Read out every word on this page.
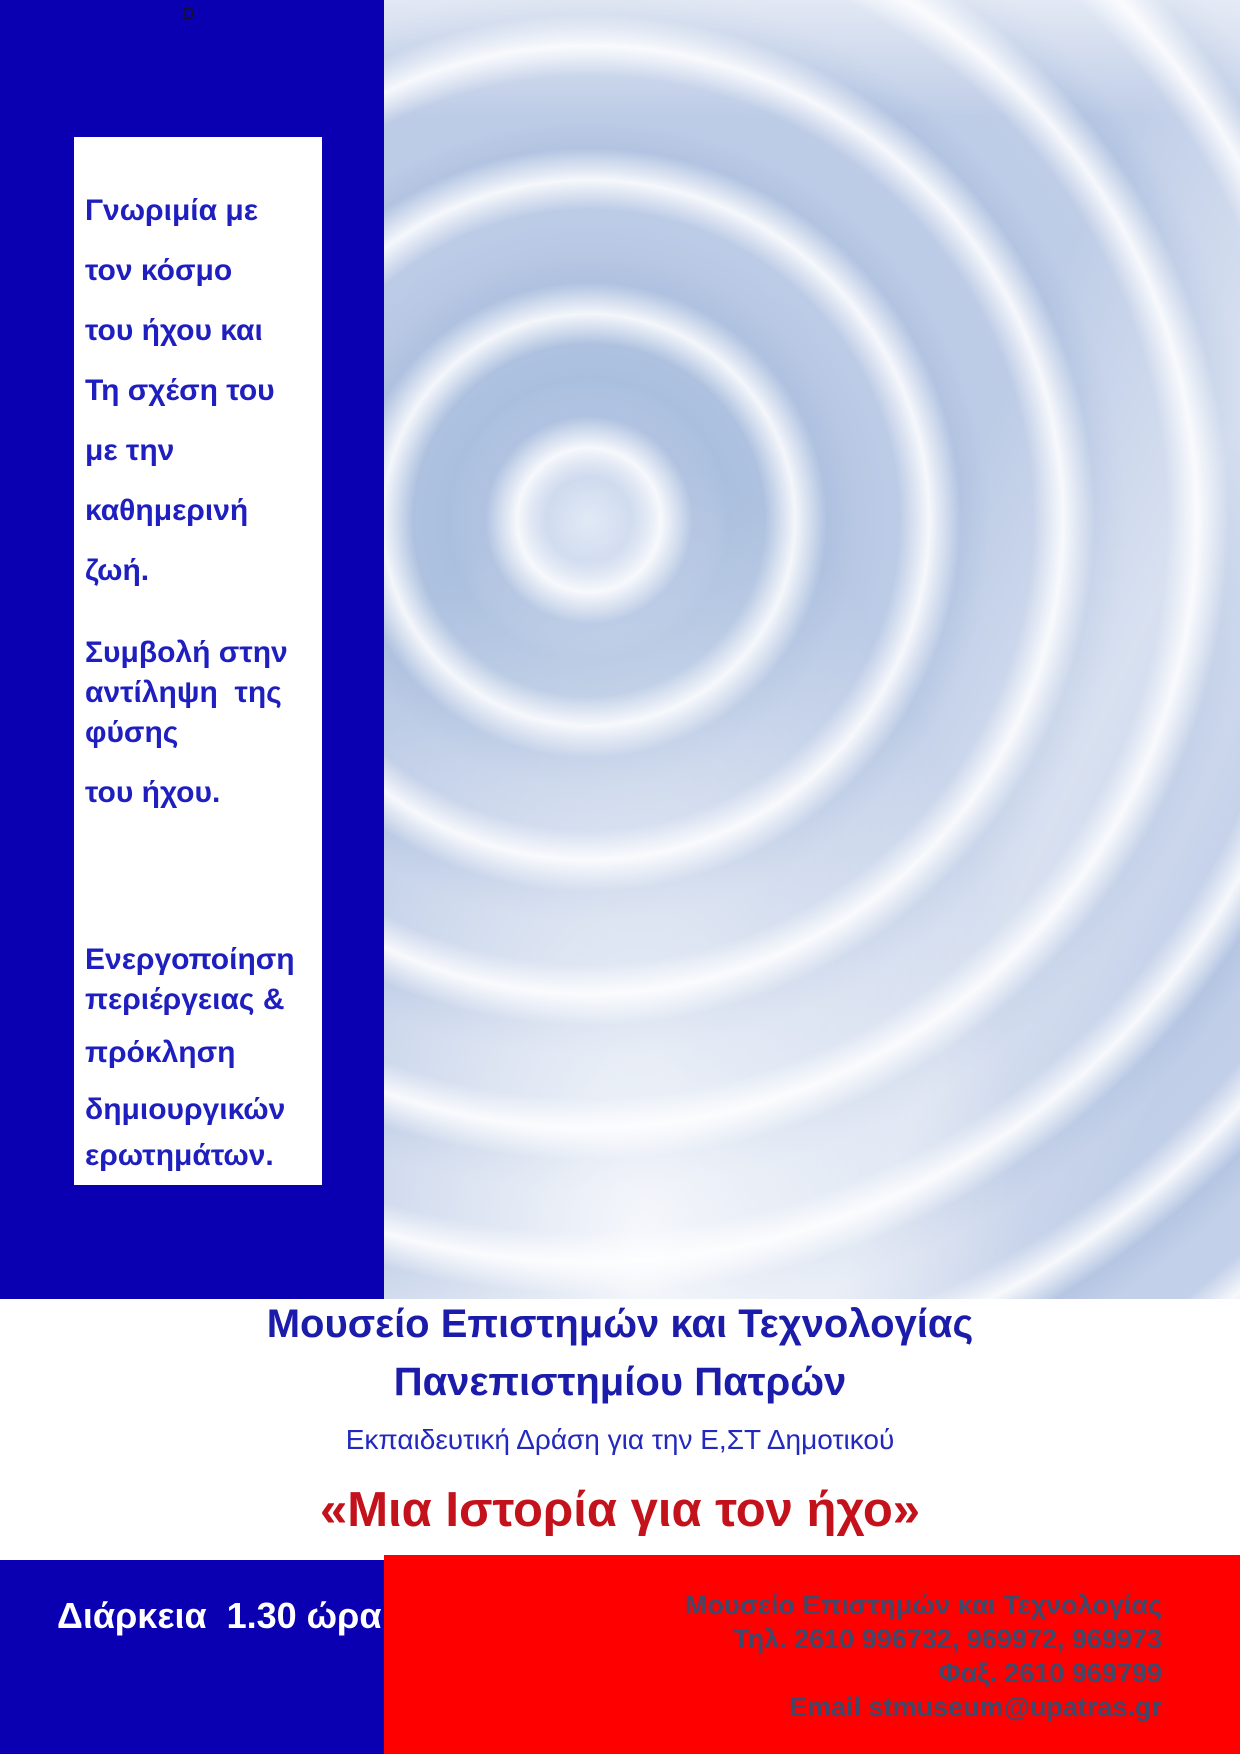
D
Γνωριμία με
τον κόσμο
του ήχου και
Τη σχέση του
με την
καθημερινή
ζωή.
Συμβολή στην
αντίληψη  της
φύσης
του ήχου.
Ενεργοποίηση
περιέργειας &
πρόκληση
δημιουργικών
ερωτημάτων.
Μουσείο Επιστημών και Τεχνολογίας
Πανεπιστημίου Πατρών
Εκπαιδευτική Δράση για την Ε,ΣΤ Δημοτικού
«Μια Ιστορία για τον ήχο»
Διάρκεια  1.30 ώρα	Μουσείο Επιστημών και Τεχνολογίας
Τηλ. 2610 996732, 969972, 969973
Φαξ. 2610 969799
Email stmuseum@upatras.gr
